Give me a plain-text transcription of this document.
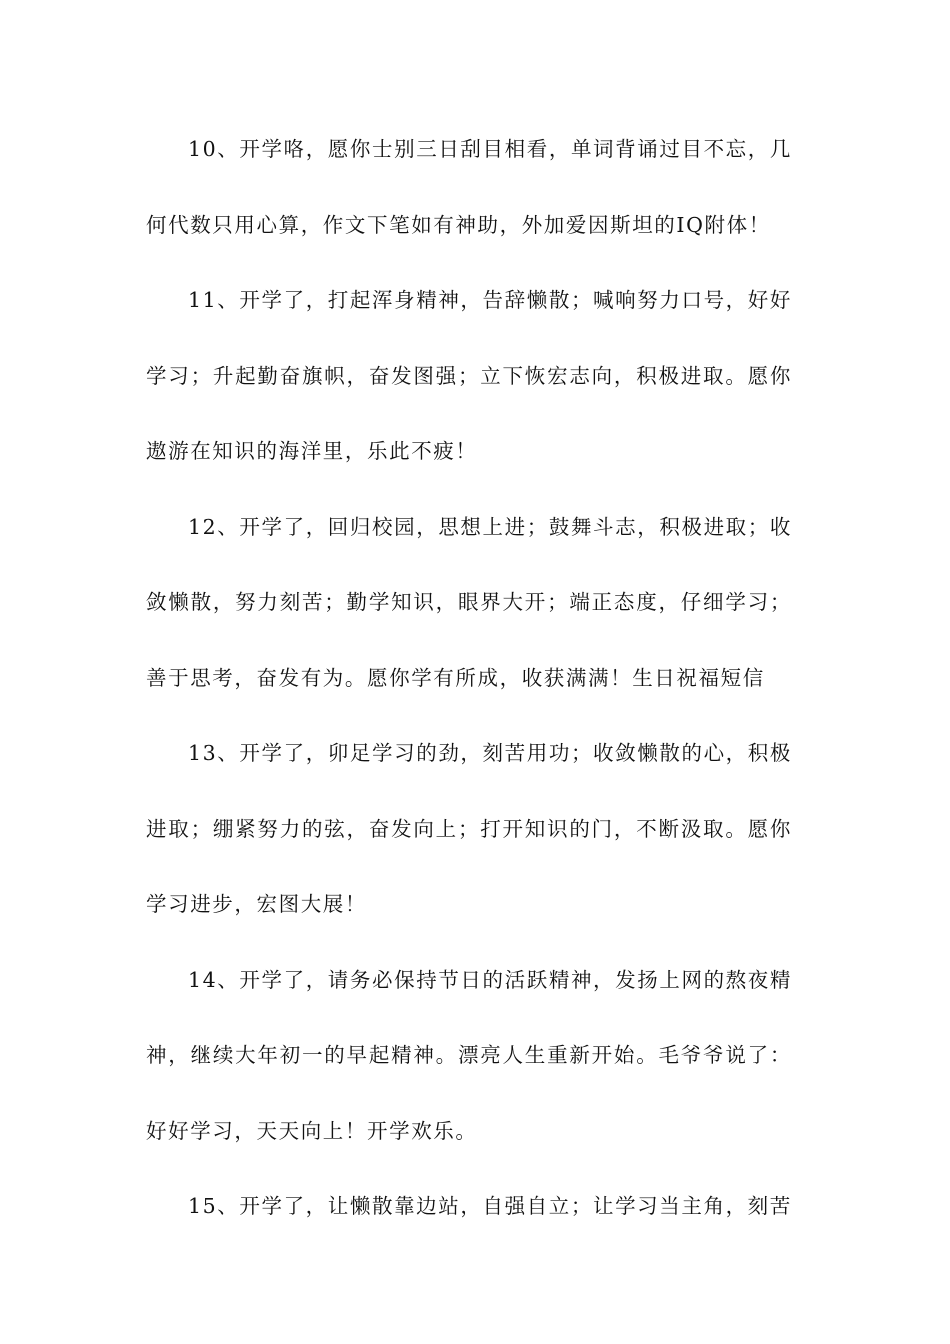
10、开学咯，愿你士别三日刮目相看，单词背诵过目不忘，几何代数只用心算，作文下笔如有神助，外加爱因斯坦的IQ附体！

11、开学了，打起浑身精神，告辞懒散；喊响努力口号，好好学习；升起勤奋旗帜，奋发图强；立下恢宏志向，积极进取。愿你遨游在知识的海洋里，乐此不疲！

12、开学了，回归校园，思想上进；鼓舞斗志，积极进取；收敛懒散，努力刻苦；勤学知识，眼界大开；端正态度，仔细学习；善于思考，奋发有为。愿你学有所成，收获满满！生日祝福短信

13、开学了，卯足学习的劲，刻苦用功；收敛懒散的心，积极进取；绷紧努力的弦，奋发向上；打开知识的门，不断汲取。愿你学习进步，宏图大展！

14、开学了，请务必保持节日的活跃精神，发扬上网的熬夜精神，继续大年初一的早起精神。漂亮人生重新开始。毛爷爷说了：好好学习，天天向上！开学欢乐。

15、开学了，让懒散靠边站，自强自立；让学习当主角，刻苦
